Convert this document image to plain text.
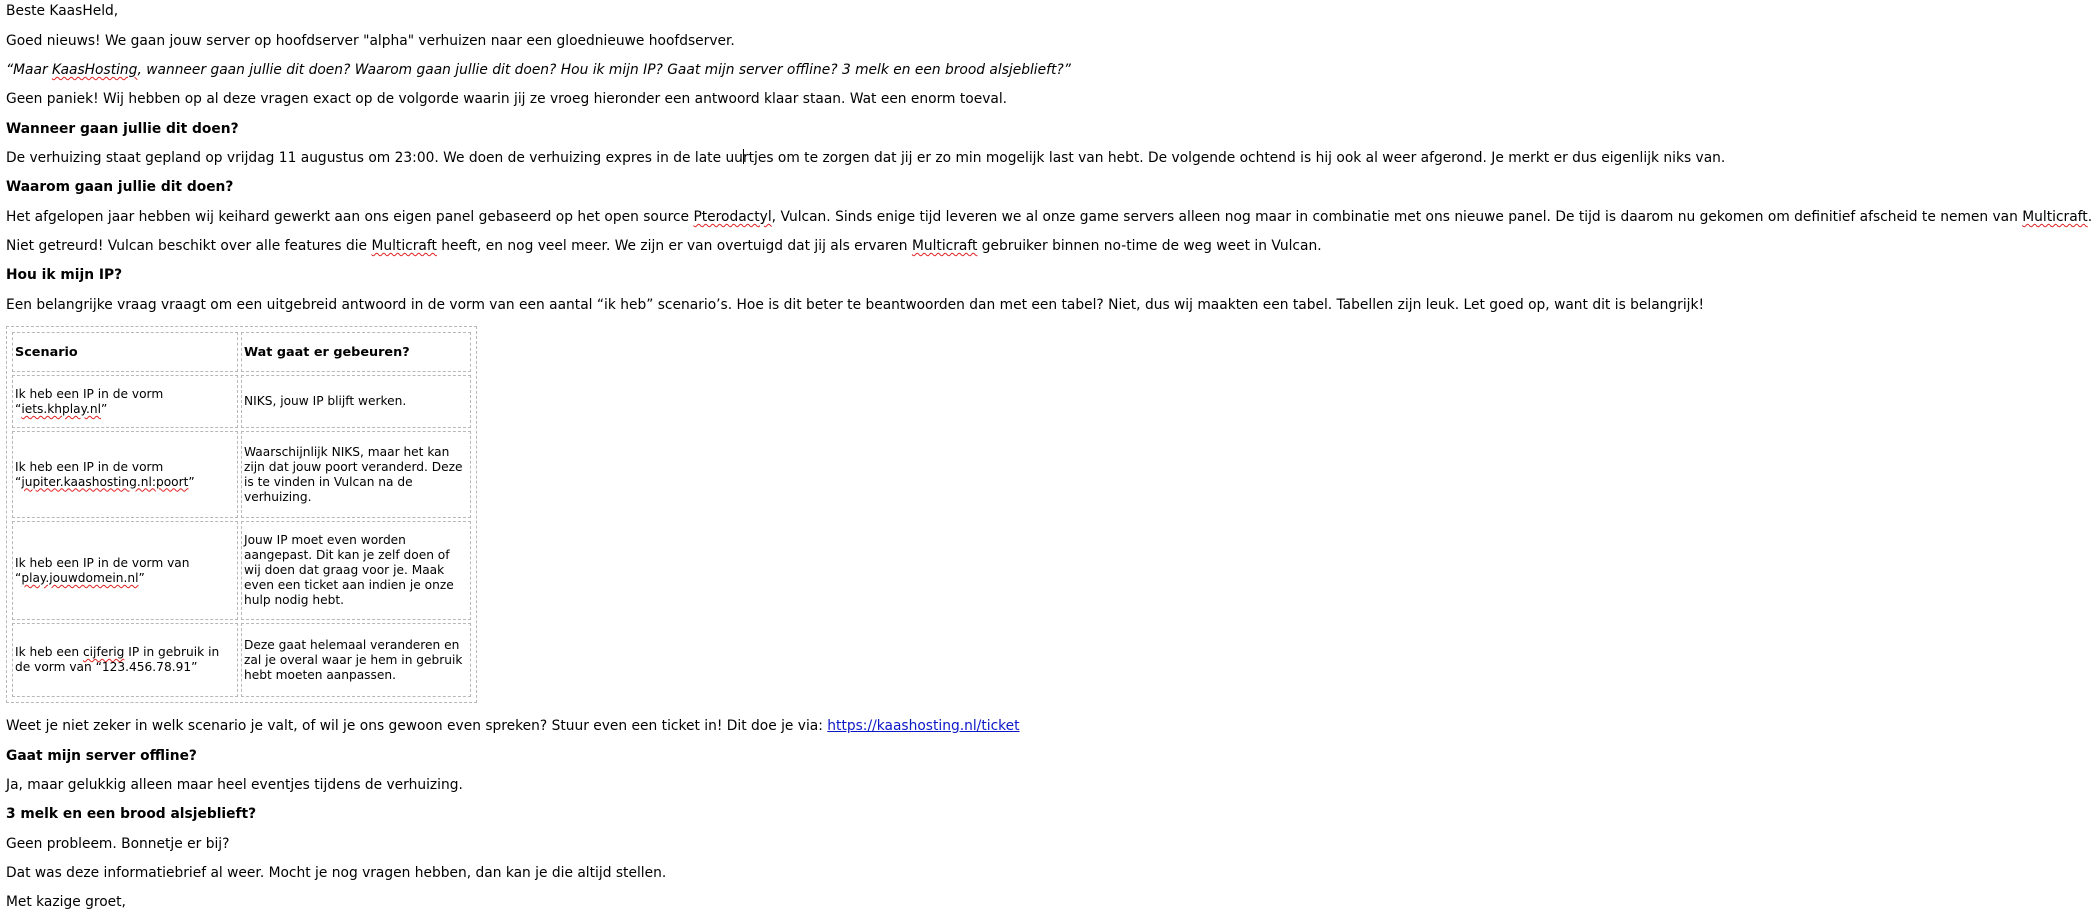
Beste KaasHeld,
Goed nieuws! We gaan jouw server op hoofdserver "alpha" verhuizen naar een gloednieuwe hoofdserver.
“Maar KaasHosting, wanneer gaan jullie dit doen? Waarom gaan jullie dit doen? Hou ik mijn IP? Gaat mijn server offline? 3 melk en een brood alsjeblieft?”
Geen paniek! Wij hebben op al deze vragen exact op de volgorde waarin jij ze vroeg hieronder een antwoord klaar staan. Wat een enorm toeval.
Wanneer gaan jullie dit doen?
De verhuizing staat gepland op vrijdag 11 augustus om 23:00. We doen de verhuizing expres in de late uurtjes om te zorgen dat jij er zo min mogelijk last van hebt. De volgende ochtend is hij ook al weer afgerond. Je merkt er dus eigenlijk niks van.
Waarom gaan jullie dit doen?
Het afgelopen jaar hebben wij keihard gewerkt aan ons eigen panel gebaseerd op het open source Pterodactyl, Vulcan. Sinds enige tijd leveren we al onze game servers alleen nog maar in combinatie met ons nieuwe panel. De tijd is daarom nu gekomen om definitief afscheid te nemen van Multicraft.
Niet getreurd! Vulcan beschikt over alle features die Multicraft heeft, en nog veel meer. We zijn er van overtuigd dat jij als ervaren Multicraft gebruiker binnen no-time de weg weet in Vulcan.
Hou ik mijn IP?
Een belangrijke vraag vraagt om een uitgebreid antwoord in de vorm van een aantal “ik heb” scenario’s. Hoe is dit beter te beantwoorden dan met een tabel? Niet, dus wij maakten een tabel. Tabellen zijn leuk. Let goed op, want dit is belangrijk!
Scenario	Wat gaat er gebeuren?
Ik heb een IP in de vorm “iets.khplay.nl”	NIKS, jouw IP blijft werken.
Ik heb een IP in de vorm “jupiter.kaashosting.nl:poort”	Waarschijnlijk NIKS, maar het kan zijn dat jouw poort veranderd. Deze is te vinden in Vulcan na de verhuizing.
Ik heb een IP in de vorm van “play.jouwdomein.nl”	Jouw IP moet even worden aangepast. Dit kan je zelf doen of wij doen dat graag voor je. Maak even een ticket aan indien je onze hulp nodig hebt.
Ik heb een cijferig IP in gebruik in de vorm van “123.456.78.91”	Deze gaat helemaal veranderen en zal je overal waar je hem in gebruik hebt moeten aanpassen.
Weet je niet zeker in welk scenario je valt, of wil je ons gewoon even spreken? Stuur even een ticket in! Dit doe je via: https://kaashosting.nl/ticket
Gaat mijn server offline?
Ja, maar gelukkig alleen maar heel eventjes tijdens de verhuizing.
3 melk en een brood alsjeblieft?
Geen probleem. Bonnetje er bij?
Dat was deze informatiebrief al weer. Mocht je nog vragen hebben, dan kan je die altijd stellen.
Met kazige groet,
